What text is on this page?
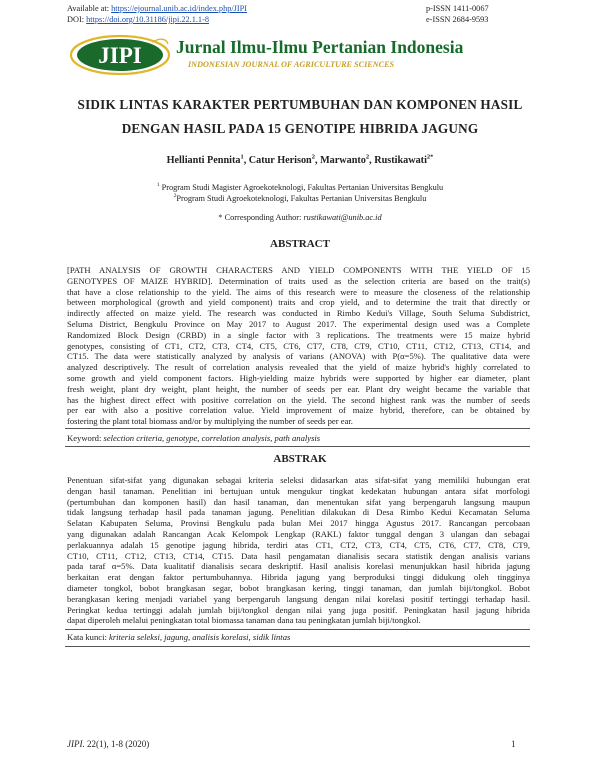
Available at: https://ejournal.unib.ac.id/index.php/JIPI
DOI: https://doi.org/10.31186/jipi.22.1.1-8
p-ISSN 1411-0067
e-ISSN 2684-9593
JIPI Jurnal Ilmu-Ilmu Pertanian Indonesia
INDONESIAN JOURNAL OF AGRICULTURE SCIENCES
SIDIK LINTAS KARAKTER PERTUMBUHAN DAN KOMPONEN HASIL
DENGAN HASIL PADA 15 GENOTIPE HIBRIDA JAGUNG
Hellianti Pennita$^1$, Catur Herison$^2$, Marwanto$^2$, Rustikawati$^{2*}$
$^1$ Program Studi Magister Agroekoteknologi, Fakultas Pertanian Universitas Bengkulu
$^2$Program Studi Agroekoteknologi, Fakultas Pertanian Universitas Bengkulu
* Corresponding Author: rustikawati@unib.ac.id
ABSTRACT
[PATH ANALYSIS OF GROWTH CHARACTERS AND YIELD COMPONENTS WITH THE YIELD OF 15
GENOTYPES OF MAIZE HYBRID]. Determination of traits used as the selection criteria are based on the trait(s)
that have a close relationship to the yield. The aims of this research were to measure the closeness of the relationship
between morphological (growth and yield component) traits and crop yield, and to determine the trait that directly or
indirectly affected on maize yield. The research was conducted in Rimbo Kedui's Village, South Seluma Subdistrict,
Seluma District, Bengkulu Province on May 2017 to August 2017. The experimental design used was a Complete
Randomized Block Design (CRBD) in a single factor with 3 replications. The treatments were 15 maize hybrid
genotypes, consisting of CT1, CT2, CT3, CT4, CT5, CT6, CT7, CT8, CT9, CT10, CT11, CT12, CT13, CT14, and
CT15. The data were statistically analyzed by analysis of varians (ANOVA) with P(α=5%). The qualitative data were
analyzed descriptively. The result of correlation analysis revealed that the yield of maize hybrid's highly correlated to
some growth and yield component factors. High-yielding maize hybrids were supported by higher ear diameter, plant
fresh weight, plant dry weight, plant height, the number of seeds per ear. Plant dry weight became the variable that
has the highest direct effect with positive correlation on the yield. The second highest rank was the number of seeds
per ear with also a positive correlation value. Yield improvement of maize hybrid, therefore, can be obtained by
fostering the plant total biomass and/or by multiplying the number of seeds per ear.
Keyword: selection criteria, genotype, correlation analysis, path analysis
ABSTRAK
Penentuan sifat-sifat yang digunakan sebagai kriteria seleksi didasarkan atas sifat-sifat yang memiliki hubungan erat
dengan hasil tanaman. Penelitian ini bertujuan untuk mengukur tingkat kedekatan hubungan antara sifat morfologi
(pertumbuhan dan komponen hasil) dan hasil tanaman, dan menentukan sifat yang berpengaruh langsung maupun
tidak langsung terhadap hasil pada tanaman jagung. Penelitian dilakukan di Desa Rimbo Kedui Kecamatan Seluma
Selatan Kabupaten Seluma, Provinsi Bengkulu pada bulan Mei 2017 hingga Agustus 2017. Rancangan percobaan
yang digunakan adalah Rancangan Acak Kelompok Lengkap (RAKL) faktor tunggal dengan 3 ulangan dan sebagai
perlakuannya adalah 15 genotipe jagung hibrida, terdiri atas CT1, CT2, CT3, CT4, CT5, CT6, CT7, CT8, CT9,
CT10, CT11, CT12, CT13, CT14, CT15. Data hasil pengamatan dianalisis secara statistik dengan analisis varians
pada taraf α=5%. Data kualitatif dianalisis secara deskriptif. Hasil analisis korelasi menunjukkan hasil hibrida jagung
berkaitan erat dengan faktor pertumbuhannya. Hibrida jagung yang berproduksi tinggi didukung oleh tingginya
diameter tongkol, bobot brangkasan segar, bobot brangkasan kering, tinggi tanaman, dan jumlah biji/tongkol. Bobot
berangkasan kering menjadi variabel yang berpengaruh langsung dengan nilai korelasi positif tertinggi terhadap hasil.
Peringkat kedua tertinggi adalah jumlah biji/tongkol dengan nilai yang juga positif. Peningkatan hasil jagung hibrida
dapat diperoleh melalui peningkatan total biomassa tanaman dana tau peningkatan jumlah biji/tongkol.
Kata kunci: kriteria seleksi, jagung, analisis korelasi, sidik lintas
JIPI. 22(1), 1-8 (2020)	1
